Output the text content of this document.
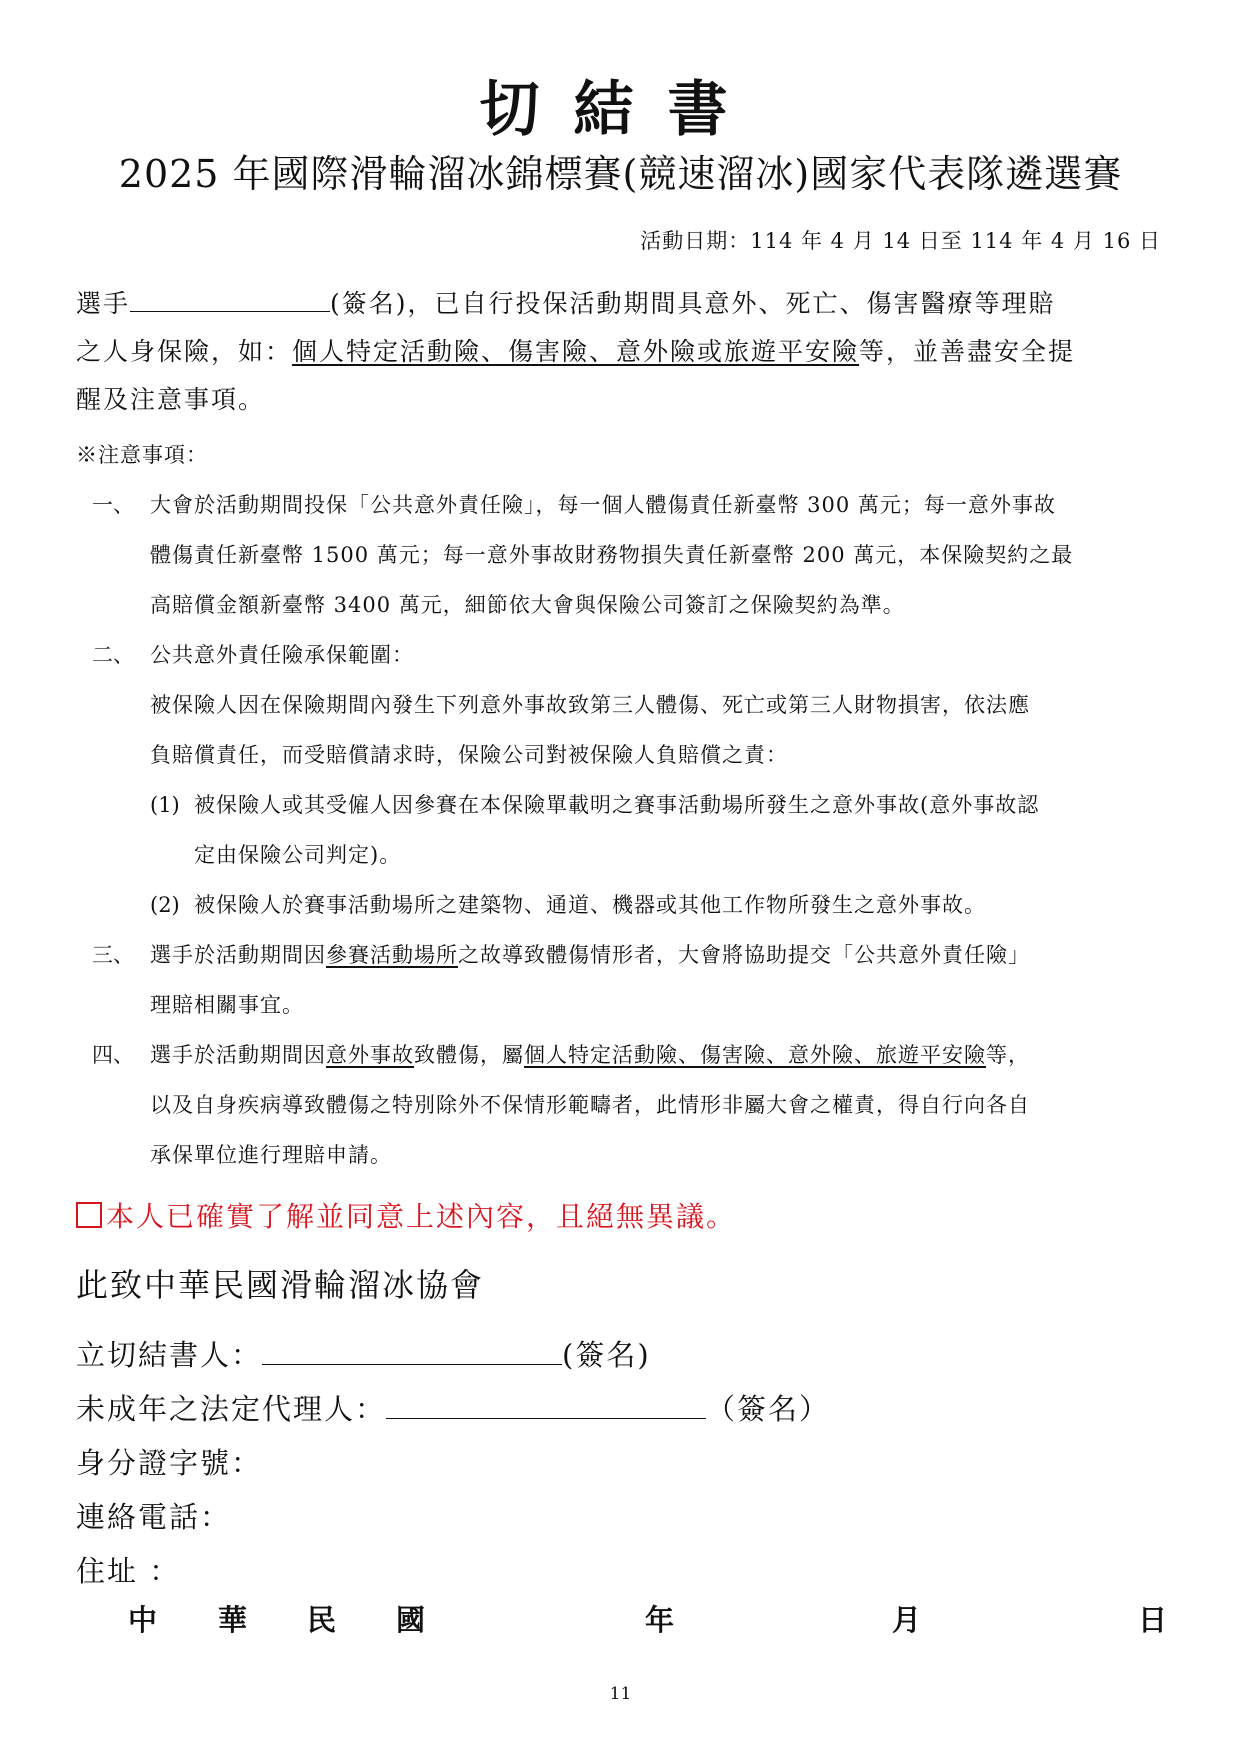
切結書
2025 年國際滑輪溜冰錦標賽(競速溜冰)國家代表隊遴選賽
活動日期：114 年 4 月 14 日至 114 年 4 月 16 日
選手	(簽名)，已自行投保活動期間具意外、死亡、傷害醫療等理賠
之人身保險，如：個人特定活動險、傷害險、意外險或旅遊平安險等，並善盡安全提
醒及注意事項。
※注意事項：
一、 大會於活動期間投保「公共意外責任險」，每一個人體傷責任新臺幣 300 萬元；每一意外事故
體傷責任新臺幣 1500 萬元；每一意外事故財務物損失責任新臺幣 200 萬元，本保險契約之最
高賠償金額新臺幣 3400 萬元，細節依大會與保險公司簽訂之保險契約為準。
二、 公共意外責任險承保範圍：
被保險人因在保險期間內發生下列意外事故致第三人體傷、死亡或第三人財物損害，依法應
負賠償責任，而受賠償請求時，保險公司對被保險人負賠償之責：
(1) 被保險人或其受僱人因參賽在本保險單載明之賽事活動場所發生之意外事故(意外事故認
定由保險公司判定)。
(2) 被保險人於賽事活動場所之建築物、通道、機器或其他工作物所發生之意外事故。
三、 選手於活動期間因參賽活動場所之故導致體傷情形者，大會將協助提交「公共意外責任險」
理賠相關事宜。
四、 選手於活動期間因意外事故致體傷，屬個人特定活動險、傷害險、意外險、旅遊平安險等，
以及自身疾病導致體傷之特別除外不保情形範疇者，此情形非屬大會之權責，得自行向各自
承保單位進行理賠申請。
本人已確實了解並同意上述內容，且絕無異議。
此致中華民國滑輪溜冰協會
立切結書人：	(簽名)
未成年之法定代理人：	（簽名）
身分證字號：
連絡電話：
住址 ：
中 華 民 國	年	月	日
11
